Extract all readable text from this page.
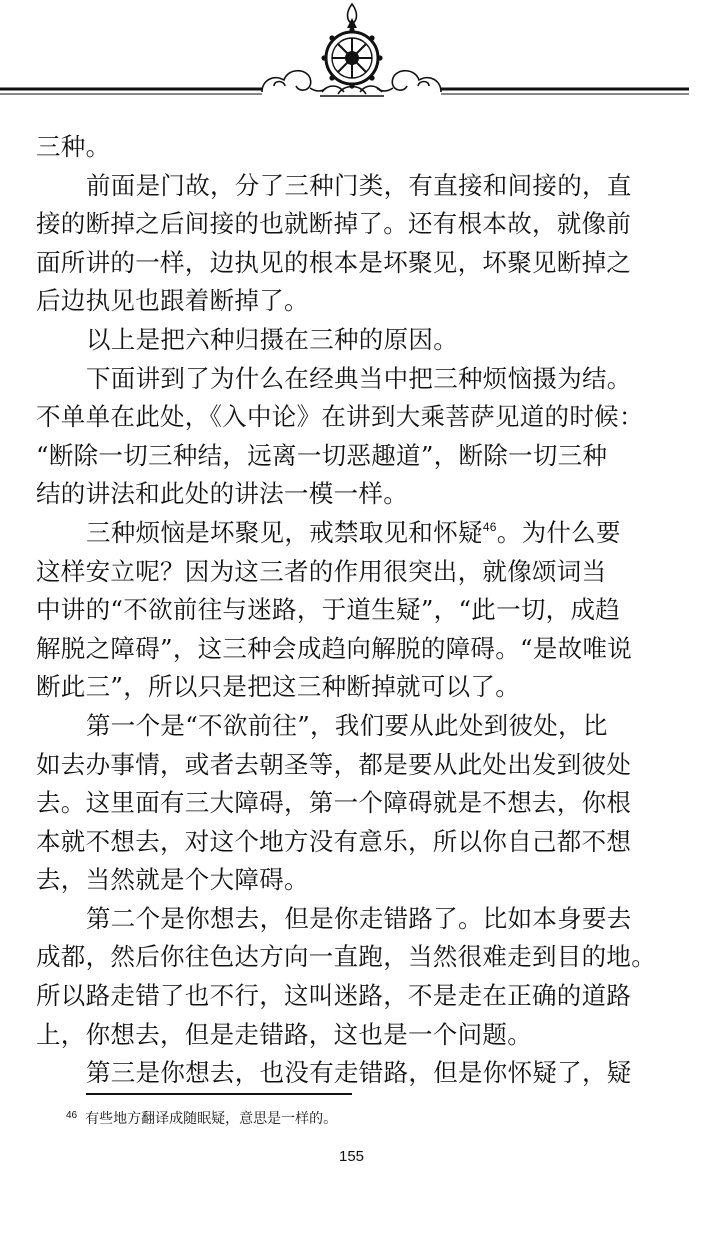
三种。
前面是门故，分了三种门类，有直接和间接的，直
接的断掉之后间接的也就断掉了。还有根本故，就像前
面所讲的一样，边执见的根本是坏聚见，坏聚见断掉之
后边执见也跟着断掉了。
以上是把六种归摄在三种的原因。
下面讲到了为什么在经典当中把三种烦恼摄为结。
不单单在此处，《入中论》在讲到大乘菩萨见道的时候：
“断除一切三种结，远离一切恶趣道”，断除一切三种
结的讲法和此处的讲法一模一样。
三种烦恼是坏聚见，戒禁取见和怀疑$^{46}$。为什么要
这样安立呢？因为这三者的作用很突出，就像颂词当
中讲的“不欲前往与迷路，于道生疑”，“此一切，成趋
解脱之障碍”，这三种会成趋向解脱的障碍。“是故唯说
断此三”，所以只是把这三种断掉就可以了。
第一个是“不欲前往”，我们要从此处到彼处，比
如去办事情，或者去朝圣等，都是要从此处出发到彼处
去。这里面有三大障碍，第一个障碍就是不想去，你根
本就不想去，对这个地方没有意乐，所以你自己都不想
去，当然就是个大障碍。
第二个是你想去，但是你走错路了。比如本身要去
成都，然后你往色达方向一直跑，当然很难走到目的地。
所以路走错了也不行，这叫迷路，不是走在正确的道路
上，你想去，但是走错路，这也是一个问题。
第三是你想去，也没有走错路，但是你怀疑了，疑
$^{46}$ 有些地方翻译成随眠疑，意思是一样的。
155
